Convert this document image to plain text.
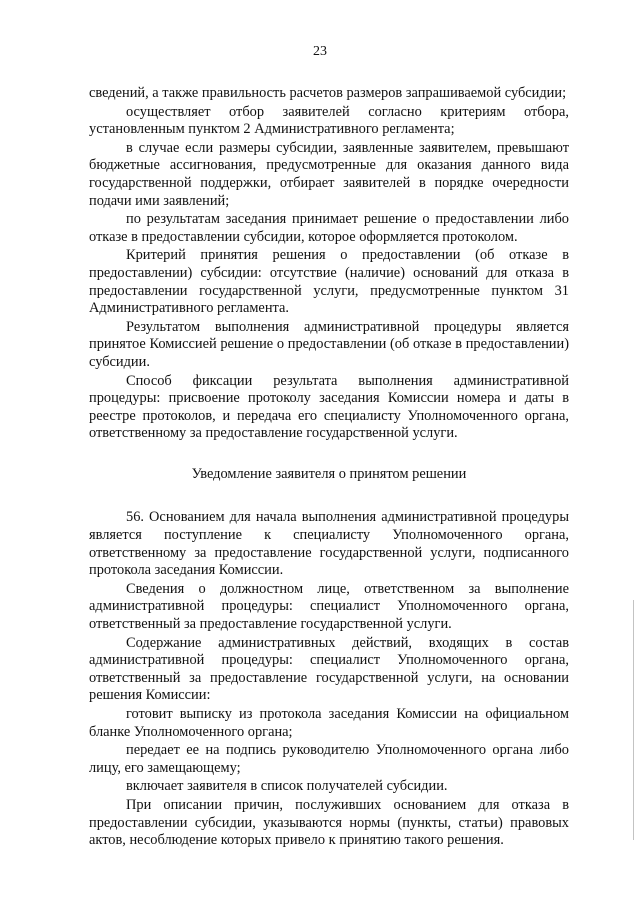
23

сведений, а также правильность расчетов размеров запрашиваемой субсидии;

осуществляет отбор заявителей согласно критериям отбора, установленным пунктом 2 Административного регламента;

в случае если размеры субсидии, заявленные заявителем, превышают бюджетные ассигнования, предусмотренные для оказания данного вида государственной поддержки, отбирает заявителей в порядке очередности подачи ими заявлений;

по результатам заседания принимает решение о предоставлении либо отказе в предоставлении субсидии, которое оформляется протоколом.

Критерий принятия решения о предоставлении (об отказе в предоставлении) субсидии: отсутствие (наличие) оснований для отказа в предоставлении государственной услуги, предусмотренные пунктом 31 Административного регламента.

Результатом выполнения административной процедуры является принятое Комиссией решение о предоставлении (об отказе в предоставлении) субсидии.

Способ фиксации результата выполнения административной процедуры: присвоение протоколу заседания Комиссии номера и даты в реестре протоколов, и передача его специалисту Уполномоченного органа, ответственному за предоставление государственной услуги.

Уведомление заявителя о принятом решении

56. Основанием для начала выполнения административной процедуры является поступление к специалисту Уполномоченного органа, ответственному за предоставление государственной услуги, подписанного протокола заседания Комиссии.

Сведения о должностном лице, ответственном за выполнение административной процедуры: специалист Уполномоченного органа, ответственный за предоставление государственной услуги.

Содержание административных действий, входящих в состав административной процедуры: специалист Уполномоченного органа, ответственный за предоставление государственной услуги, на основании решения Комиссии:

готовит выписку из протокола заседания Комиссии на официальном бланке Уполномоченного органа;

передает ее на подпись руководителю Уполномоченного органа либо лицу, его замещающему;

включает заявителя в список получателей субсидии.

При описании причин, послуживших основанием для отказа в предоставлении субсидии, указываются нормы (пункты, статьи) правовых актов, несоблюдение которых привело к принятию такого решения.
